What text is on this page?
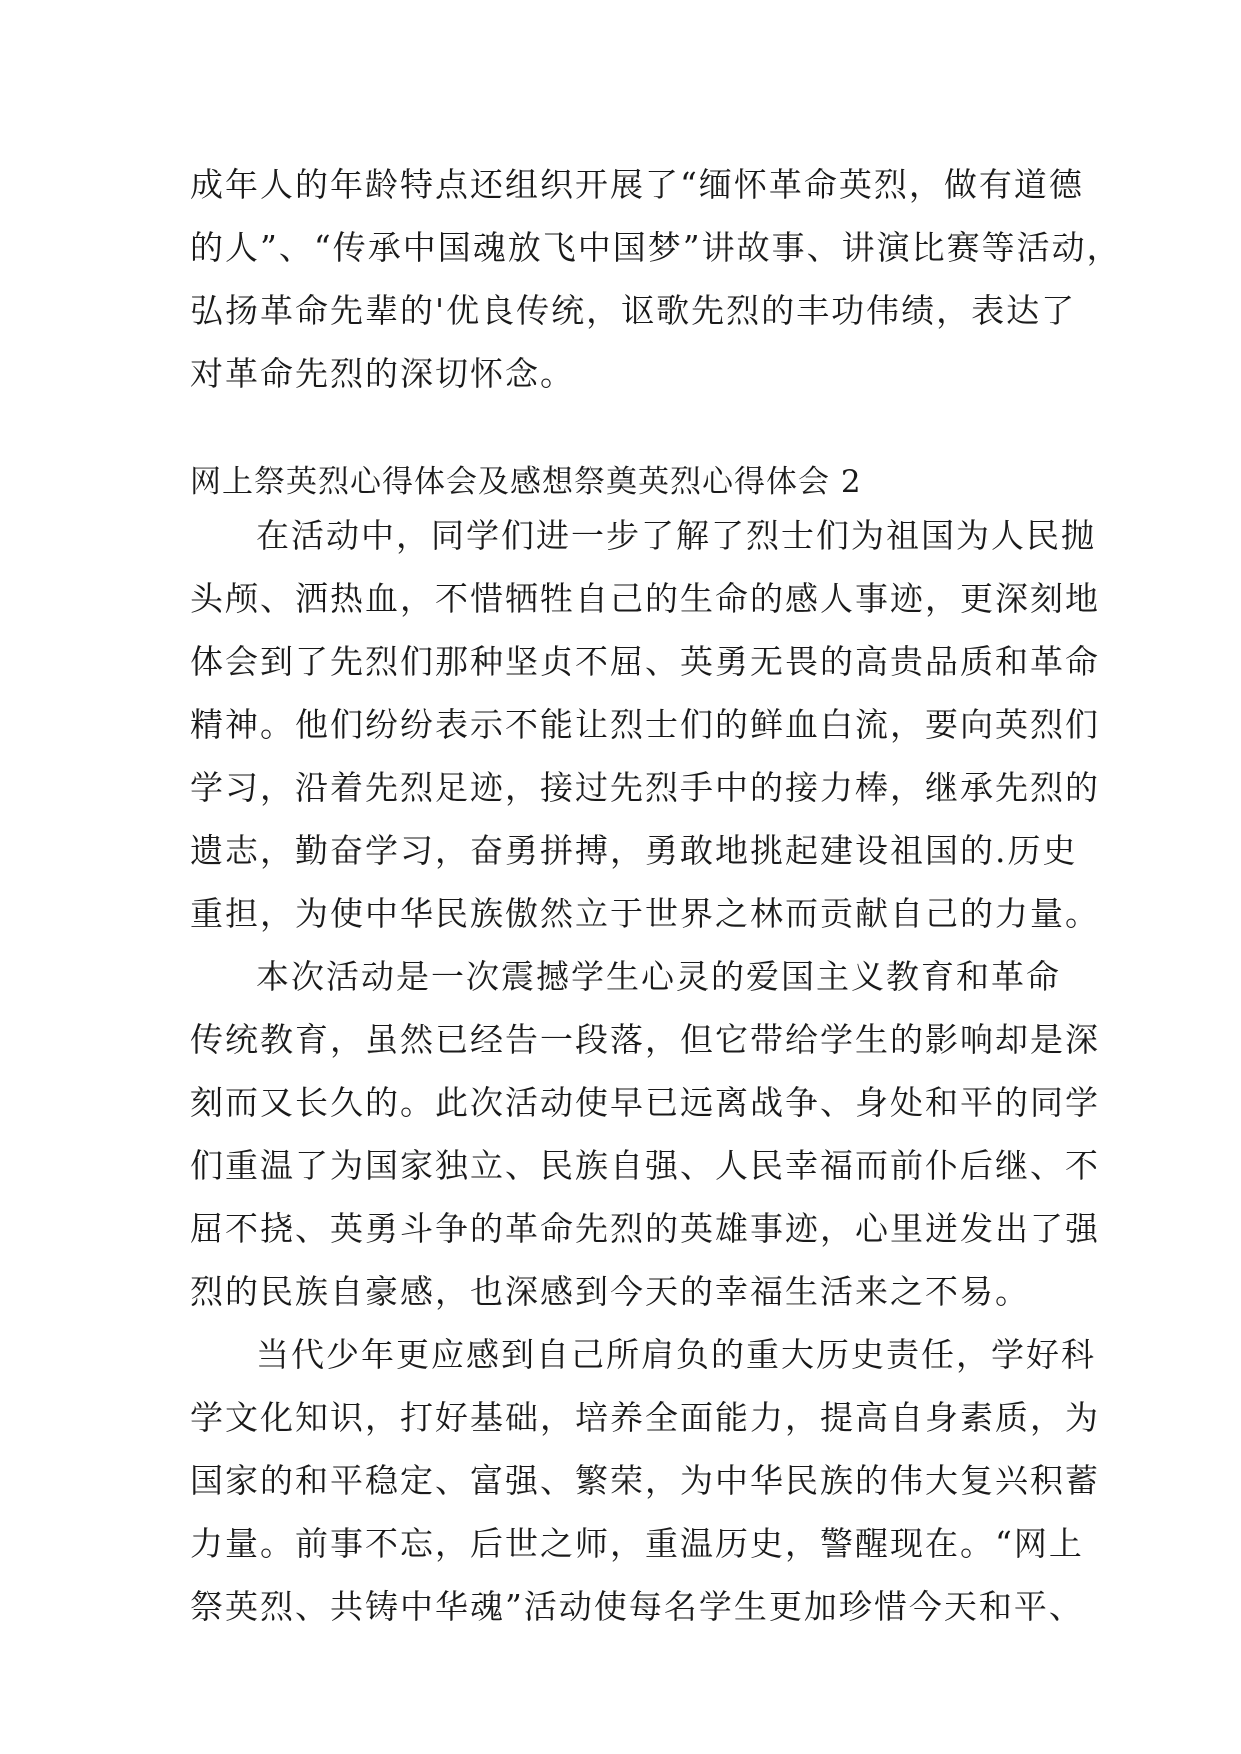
成年人的年龄特点还组织开展了“缅怀革命英烈，做有道德
的人”、“传承中国魂放飞中国梦”讲故事、讲演比赛等活动，
弘扬革命先辈的'优良传统，讴歌先烈的丰功伟绩，表达了
对革命先烈的深切怀念。

网上祭英烈心得体会及感想祭奠英烈心得体会 2

在活动中，同学们进一步了解了烈士们为祖国为人民抛
头颅、洒热血，不惜牺牲自己的生命的感人事迹，更深刻地
体会到了先烈们那种坚贞不屈、英勇无畏的高贵品质和革命
精神。他们纷纷表示不能让烈士们的鲜血白流，要向英烈们
学习，沿着先烈足迹，接过先烈手中的接力棒，继承先烈的
遗志，勤奋学习，奋勇拼搏，勇敢地挑起建设祖国的.历史
重担，为使中华民族傲然立于世界之林而贡献自己的力量。

本次活动是一次震撼学生心灵的爱国主义教育和革命
传统教育，虽然已经告一段落，但它带给学生的影响却是深
刻而又长久的。此次活动使早已远离战争、身处和平的同学
们重温了为国家独立、民族自强、人民幸福而前仆后继、不
屈不挠、英勇斗争的革命先烈的英雄事迹，心里迸发出了强
烈的民族自豪感，也深感到今天的幸福生活来之不易。

当代少年更应感到自己所肩负的重大历史责任，学好科
学文化知识，打好基础，培养全面能力，提高自身素质，为
国家的和平稳定、富强、繁荣，为中华民族的伟大复兴积蓄
力量。前事不忘，后世之师，重温历史，警醒现在。“网上
祭英烈、共铸中华魂”活动使每名学生更加珍惜今天和平、
